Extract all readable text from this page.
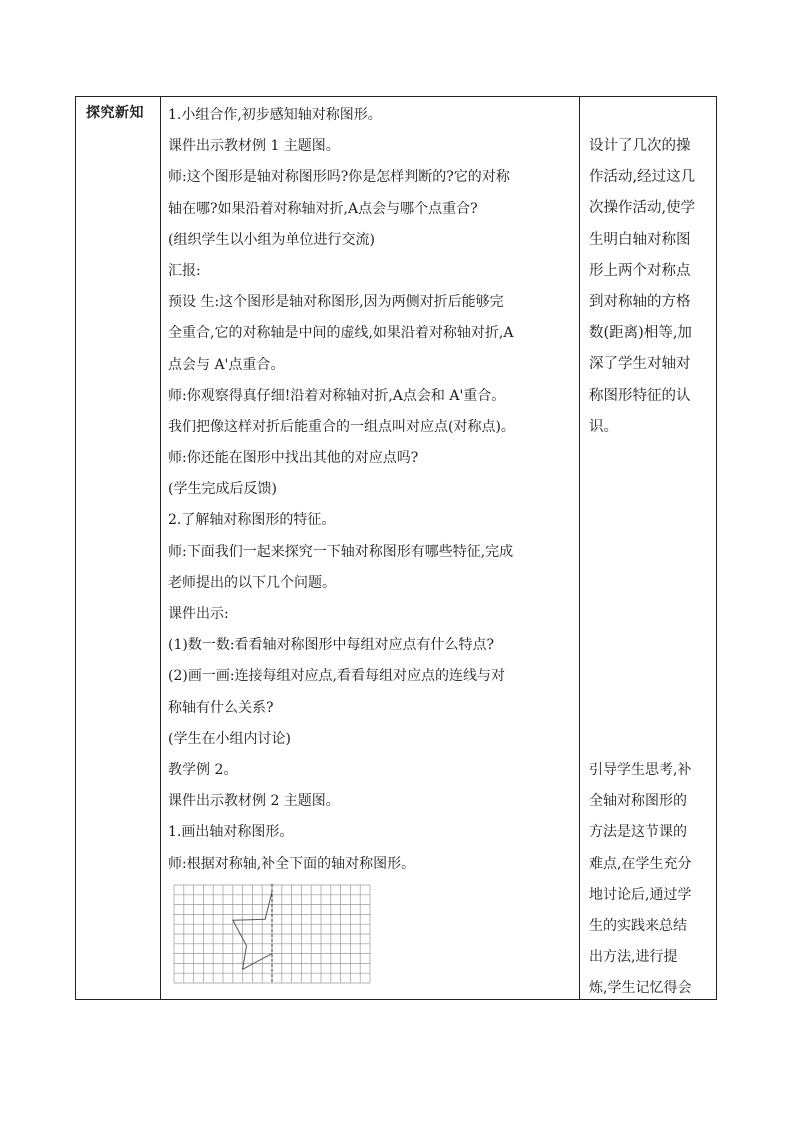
探究新知 1.小组合作,初步感知轴对称图形。
课件出示教材例 1 主题图。
师:这个图形是轴对称图形吗?你是怎样判断的?它的对称
轴在哪?如果沿着对称轴对折,A点会与哪个点重合?
(组织学生以小组为单位进行交流)
汇报:
预设 生:这个图形是轴对称图形,因为两侧对折后能够完
全重合,它的对称轴是中间的虚线,如果沿着对称轴对折,A
点会与 A'点重合。
师:你观察得真仔细!沿着对称轴对折,A点会和 A'重合。
我们把像这样对折后能重合的一组点叫对应点(对称点)。
师:你还能在图形中找出其他的对应点吗?
(学生完成后反馈)
2.了解轴对称图形的特征。
师:下面我们一起来探究一下轴对称图形有哪些特征,完成
老师提出的以下几个问题。
课件出示:
(1)数一数:看看轴对称图形中每组对应点有什么特点?
(2)画一画:连接每组对应点,看看每组对应点的连线与对
称轴有什么关系?
(学生在小组内讨论)
教学例 2。
课件出示教材例 2 主题图。
1.画出轴对称图形。
师:根据对称轴,补全下面的轴对称图形。
设计了几次的操
作活动,经过这几
次操作活动,使学
生明白轴对称图
形上两个对称点
到对称轴的方格
数(距离)相等,加
深了学生对轴对
称图形特征的认
识。
引导学生思考,补
全轴对称图形的
方法是这节课的
难点,在学生充分
地讨论后,通过学
生的实践来总结
出方法,进行提
炼,学生记忆得会
